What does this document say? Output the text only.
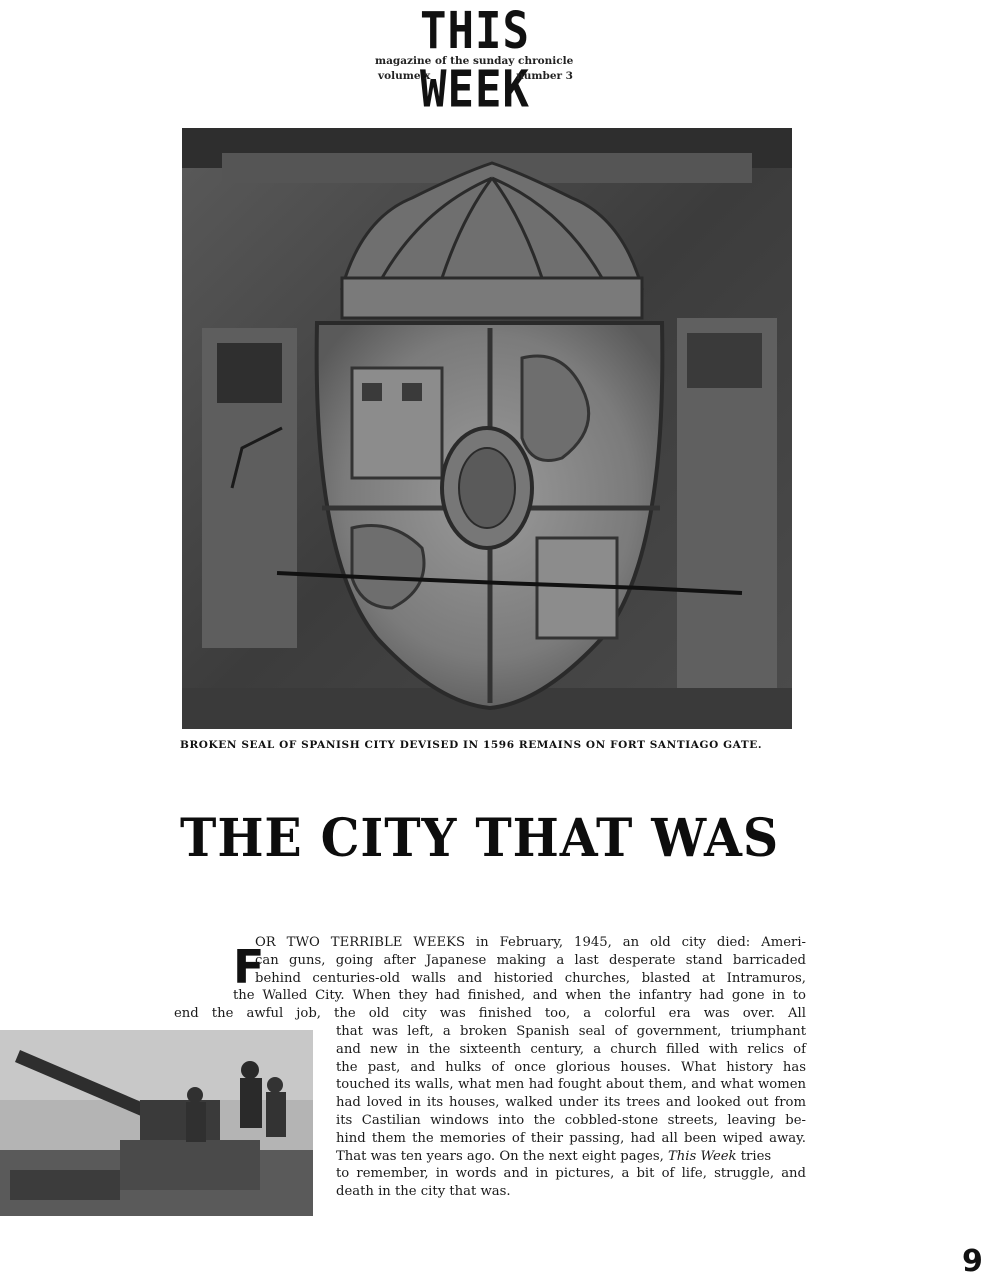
THIS WEEK
magazine of the sunday chronicle
volume x	number 3
BROKEN SEAL OF SPANISH CITY DEVISED IN 1596 REMAINS ON FORT SANTIAGO GATE.
THE CITY THAT WAS
F
OR TWO TERRIBLE WEEKS in February, 1945, an old city died: Ameri-
can guns, going after Japanese making a last desperate stand barricaded
behind centuries-old walls and historied churches, blasted at Intramuros,
the Walled City. When they had finished, and when the infantry had gone in to
end the awful job, the old city was finished too, a colorful era was over. All
that was left, a broken Spanish seal of government, triumphant
and new in the sixteenth century, a church filled with relics of
the past, and hulks of once glorious houses. What history has
touched its walls, what men had fought about them, and what women
had loved in its houses, walked under its trees and looked out from
its Castilian windows into the cobbled-stone streets, leaving be-
hind them the memories of their passing, had all been wiped away.
That was ten years ago. On the next eight pages, This Week tries
to remember, in words and in pictures, a bit of life, struggle, and
death in the city that was.
9
